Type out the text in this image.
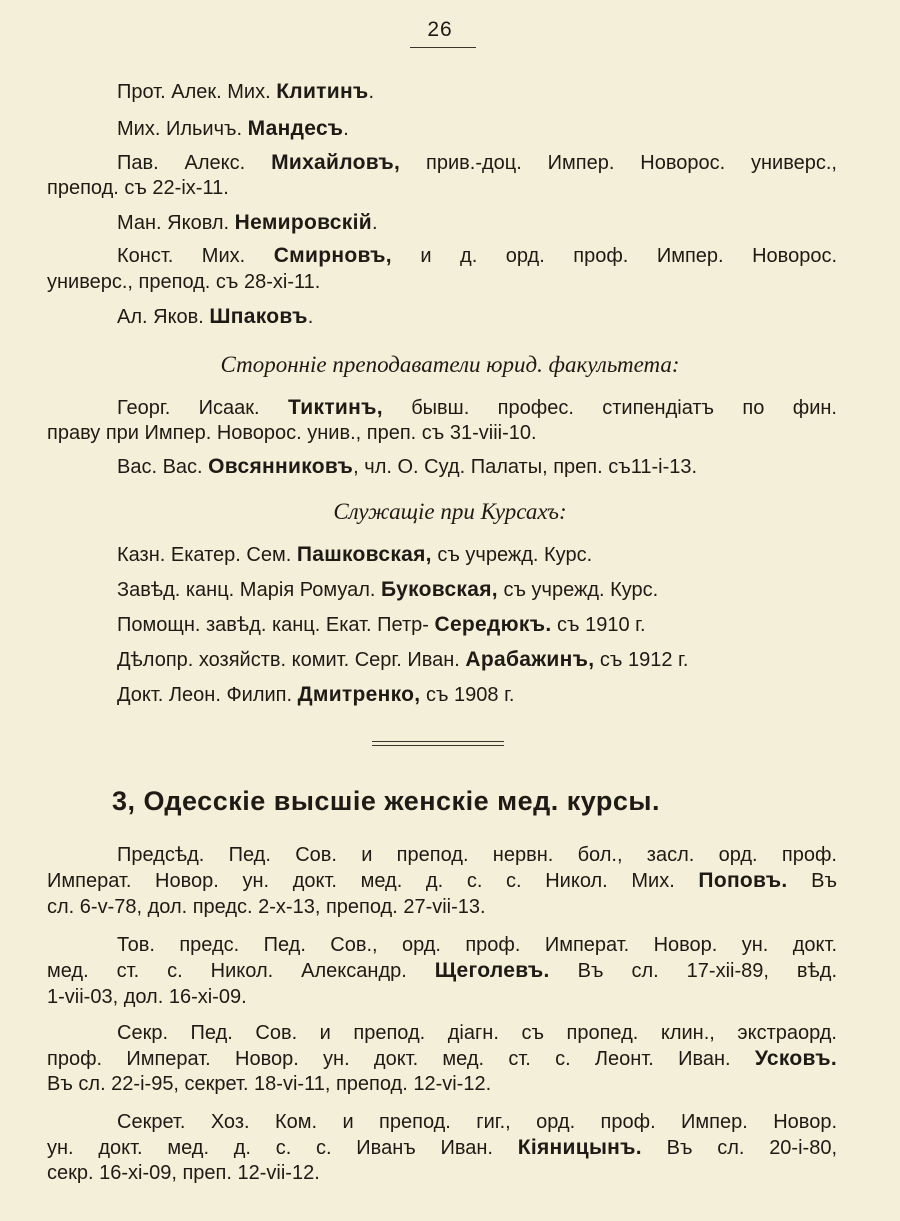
26
Прот. Алек. Мих. Клитинъ.
Мих. Ильичъ. Мандесъ.
Пав. Алекс. Михайловъ, прив.-доц. Импер. Новорос. универс.,
препод. съ 22-ix-11.
Ман. Яковл. Немировскій.
Конст. Мих. Смирновъ, и д. орд. проф. Импер. Новорос.
универс., препод. съ 28-xi-11.
Ал. Яков. Шпаковъ.
Сторонніе преподаватели юрид. факультета:
Георг. Исаак. Тиктинъ, бывш. профес. стипендіатъ по фин.
праву при Импер. Новорос. унив., преп. съ 31-viii-10.
Вас. Вас. Овсянниковъ, чл. О. Суд. Палаты, преп. съ11-i-13.
Служащіе при Курсахъ:
Казн. Екатер. Сем. Пашковская, съ учрежд. Курс.
Завѣд. канц. Марія Ромуал. Буковская, съ учрежд. Курс.
Помощн. завѣд. канц. Екат. Петр- Середюкъ. съ 1910 г.
Дѣлопр. хозяйств. комит. Серг. Иван. Арабажинъ, съ 1912 г.
Докт. Леон. Филип. Дмитренко, съ 1908 г.
3, Одесскіе высшіе женскіе мед. курсы.
Предсѣд. Пед. Сов. и препод. нервн. бол., засл. орд. проф.
Императ. Новор. ун. докт. мед. д. с. с. Никол. Мих. Поповъ. Въ
сл. 6-v-78, дол. предс. 2-x-13, препод. 27-vii-13.
Тов. предс. Пед. Сов., орд. проф. Императ. Новор. ун. докт.
мед. ст. с. Никол. Александр. Щеголевъ. Въ сл. 17-xii-89, вѣд.
1-vii-03, дол. 16-xi-09.
Секр. Пед. Сов. и препод. діагн. съ пропед. клин., экстраорд.
проф. Императ. Новор. ун. докт. мед. ст. с. Леонт. Иван. Усковъ.
Въ сл. 22-i-95, секрет. 18-vi-11, препод. 12-vi-12.
Секрет. Хоз. Ком. и препод. гиг., орд. проф. Импер. Новор.
ун. докт. мед. д. с. с. Иванъ Иван. Кіяницынъ. Въ сл. 20-i-80,
секр. 16-xi-09, преп. 12-vii-12.
